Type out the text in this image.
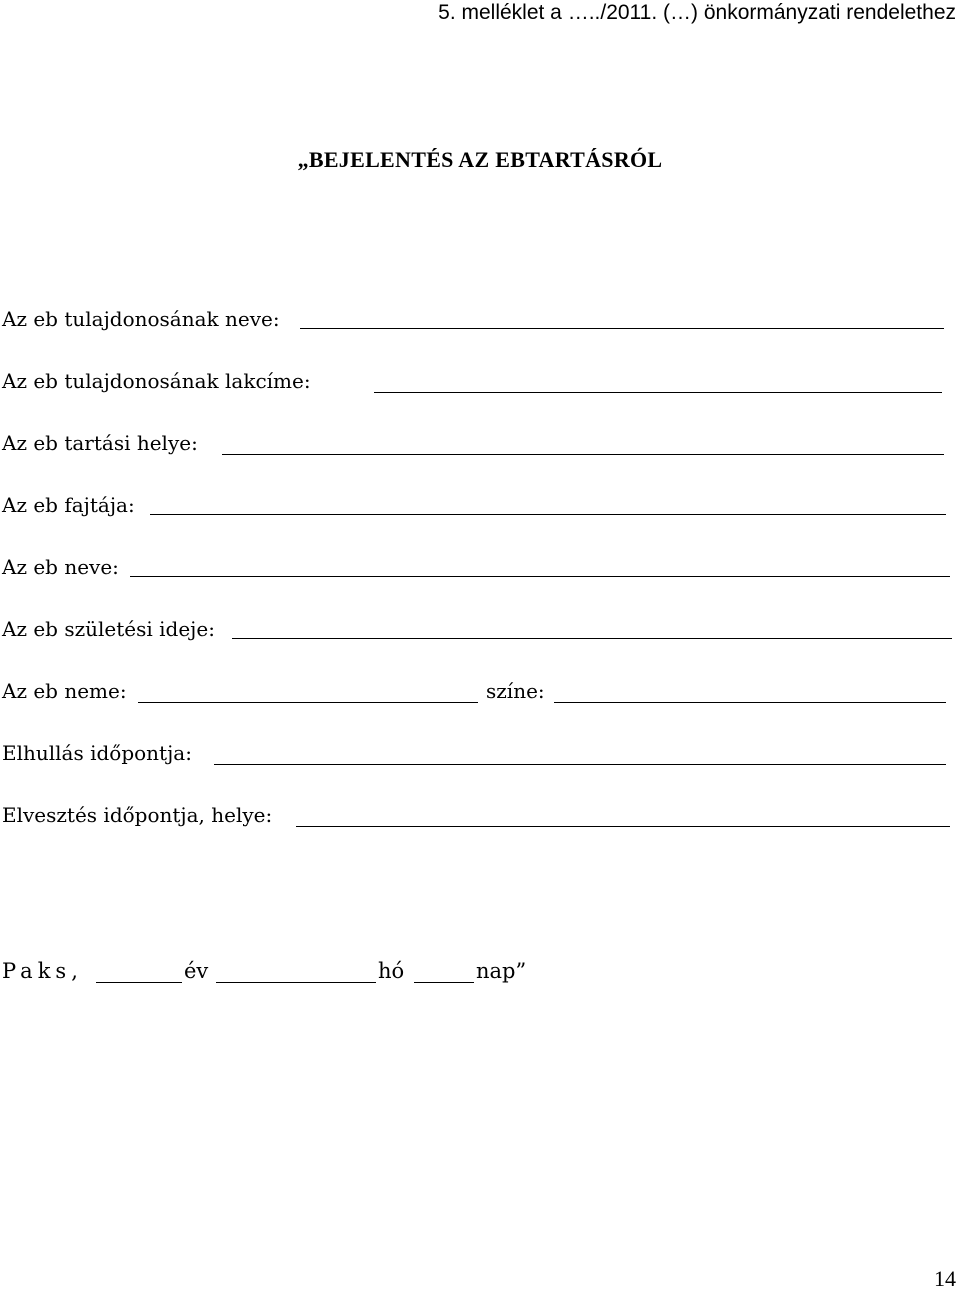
5. melléklet a …../2011. (…) önkormányzati rendelethez
„BEJELENTÉS AZ EBTARTÁSRÓL
Az eb tulajdonosának neve:
Az eb tulajdonosának lakcíme:
Az eb tartási helye:
Az eb fajtája:
Az eb neve:
Az eb születési ideje:
Az eb neme:	színe:
Elhullás időpontja:
Elvesztés időpontja, helye:
Paks,	év	hó	nap”
14
